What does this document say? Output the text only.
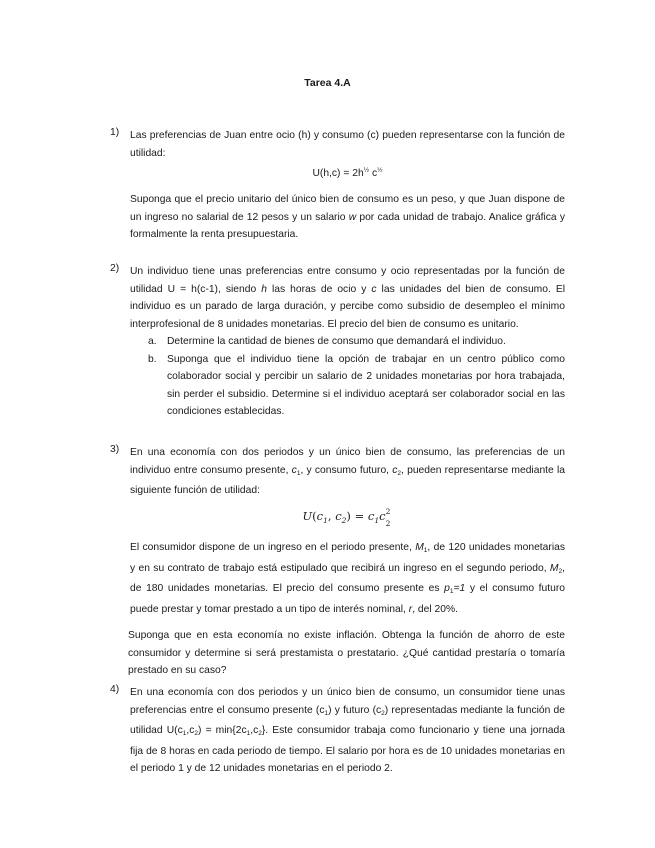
Tarea 4.A
1) Las preferencias de Juan entre ocio (h) y consumo (c) pueden representarse con la función de utilidad:

$U(h,c) = 2h^{\frac{1}{2}}$ $c^{\frac{1}{2}}$

Suponga que el precio unitario del único bien de consumo es un peso, y que Juan dispone de un ingreso no salarial de 12 pesos y un salario w por cada unidad de trabajo. Analice gráfica y formalmente la renta presupuestaria.

2) Un individuo tiene unas preferencias entre consumo y ocio representadas por la función de utilidad U = h(c-1), siendo h las horas de ocio y c las unidades del bien de consumo. El individuo es un parado de larga duración, y percibe como subsidio de desempleo el mínimo interprofesional de 8 unidades monetarias. El precio del bien de consumo es unitario.

a. Determine la cantidad de bienes de consumo que demandará el individuo.
b. Suponga que el individuo tiene la opción de trabajar en un centro público como colaborador social y percibir un salario de 2 unidades monetarias por hora trabajada, sin perder el subsidio. Determine si el individuo aceptará ser colaborador social en las condiciones establecidas.
3) En una economía con dos periodos y un único bien de consumo, las preferencias de un individuo entre consumo presente, c1, y consumo futuro, c2, pueden representarse mediante la siguiente función de utilidad:

$U(c_1$, $c_2) = c_1c$ 2
2

El consumidor dispone de un ingreso en el periodo presente, M1, de 120 unidades monetarias y en su contrato de trabajo está estipulado que recibirá un ingreso en el segundo periodo, M2, de 180 unidades monetarias. El precio del consumo presente es p1=1 y el consumo futuro puede prestar y tomar prestado a un tipo de interés nominal, r, del 20%.

Suponga que en esta economía no existe inflación. Obtenga la función de ahorro de este consumidor y determine si será prestamista o prestatario. ¿Qué cantidad prestaría o tomaría prestado en su caso?

4) En una economía con dos periodos y un único bien de consumo, un consumidor tiene unas preferencias entre el consumo presente (c1) y futuro (c2) representadas mediante la función de utilidad U(c1,c2) = min{2c1,c2}. Este consumidor trabaja como funcionario y tiene una jornada fija de 8 horas en cada periodo de tiempo. El salario por hora es de 10 unidades monetarias en el periodo 1 y de 12 unidades monetarias en el periodo 2.
